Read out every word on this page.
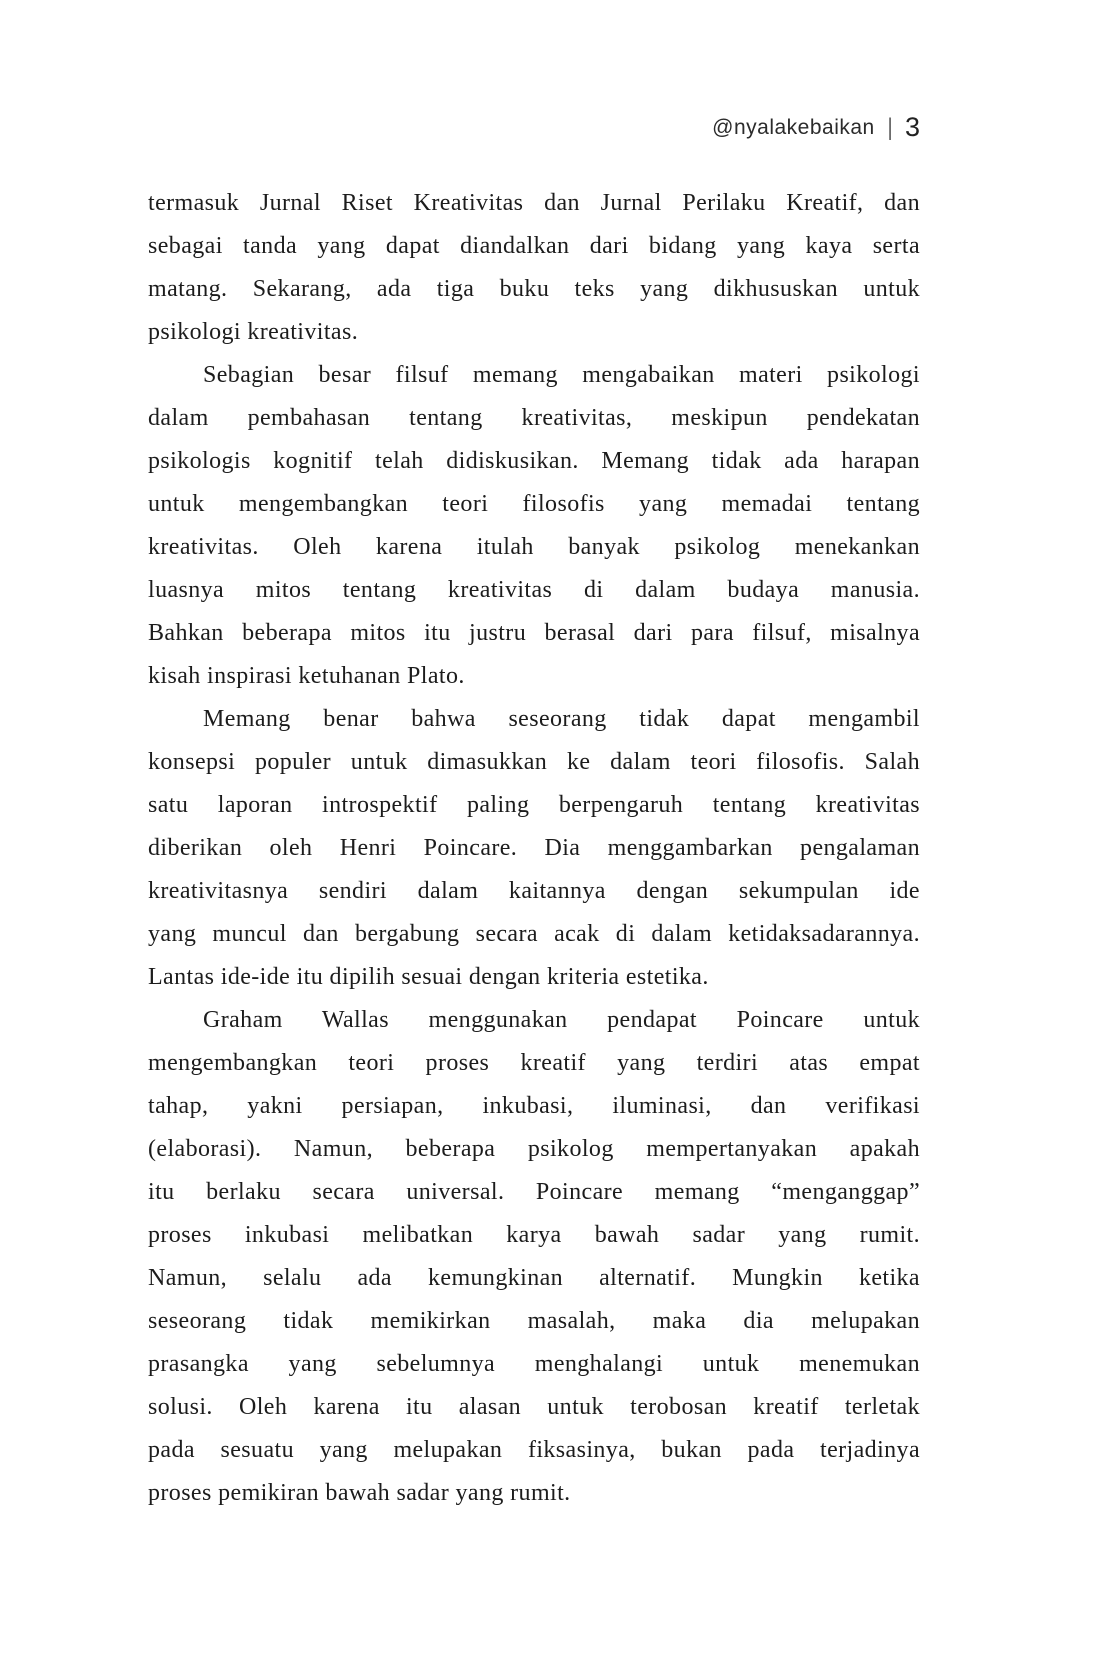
@nyalakebaikan | 3
termasuk Jurnal Riset Kreativitas dan Jurnal Perilaku Kreatif, dan
sebagai tanda yang dapat diandalkan dari bidang yang kaya serta
matang. Sekarang, ada tiga buku teks yang dikhususkan untuk
psikologi kreativitas.
Sebagian besar filsuf memang mengabaikan materi psikologi
dalam pembahasan tentang kreativitas, meskipun pendekatan
psikologis kognitif telah didiskusikan. Memang tidak ada harapan
untuk mengembangkan teori filosofis yang memadai tentang
kreativitas. Oleh karena itulah banyak psikolog menekankan
luasnya mitos tentang kreativitas di dalam budaya manusia.
Bahkan beberapa mitos itu justru berasal dari para filsuf, misalnya
kisah inspirasi ketuhanan Plato.
Memang benar bahwa seseorang tidak dapat mengambil
konsepsi populer untuk dimasukkan ke dalam teori filosofis. Salah
satu laporan introspektif paling berpengaruh tentang kreativitas
diberikan oleh Henri Poincare. Dia menggambarkan pengalaman
kreativitasnya sendiri dalam kaitannya dengan sekumpulan ide
yang muncul dan bergabung secara acak di dalam ketidaksadarannya.
Lantas ide-ide itu dipilih sesuai dengan kriteria estetika.
Graham Wallas menggunakan pendapat Poincare untuk
mengembangkan teori proses kreatif yang terdiri atas empat
tahap, yakni persiapan, inkubasi, iluminasi, dan verifikasi
(elaborasi). Namun, beberapa psikolog mempertanyakan apakah
itu berlaku secara universal. Poincare memang “menganggap”
proses inkubasi melibatkan karya bawah sadar yang rumit.
Namun, selalu ada kemungkinan alternatif. Mungkin ketika
seseorang tidak memikirkan masalah, maka dia melupakan
prasangka yang sebelumnya menghalangi untuk menemukan
solusi. Oleh karena itu alasan untuk terobosan kreatif terletak
pada sesuatu yang melupakan fiksasinya, bukan pada terjadinya
proses pemikiran bawah sadar yang rumit.
